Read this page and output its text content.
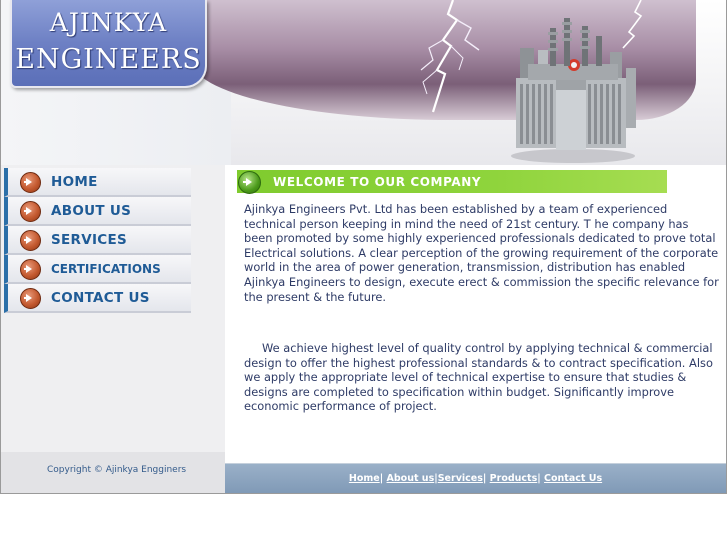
AJINKYA
ENGINEERS
HOME
ABOUT US
SERVICES
CERTIFICATIONS
CONTACT US
Copyright © Ajinkya Engginers
WELCOME TO OUR COMPANY
Ajinkya Engineers Pvt. Ltd has been established by a team of experienced technical person keeping in mind the need of 21st century. T he company has been promoted by some highly experienced professionals dedicated to prove total Electrical solutions. A clear perception of the growing requirement of the corporate world in the area of power generation, transmission, distribution has enabled Ajinkya Engineers to design, execute erect & commission the specific relevance for the present & the future.
We achieve highest level of quality control by applying technical & commercial design to offer the highest professional standards & to contract specification. Also we apply the appropriate level of technical expertise to ensure that studies & designs are completed to specification within budget. Significantly improve economic performance of project.
Home| About us|Services| Products| Contact Us
